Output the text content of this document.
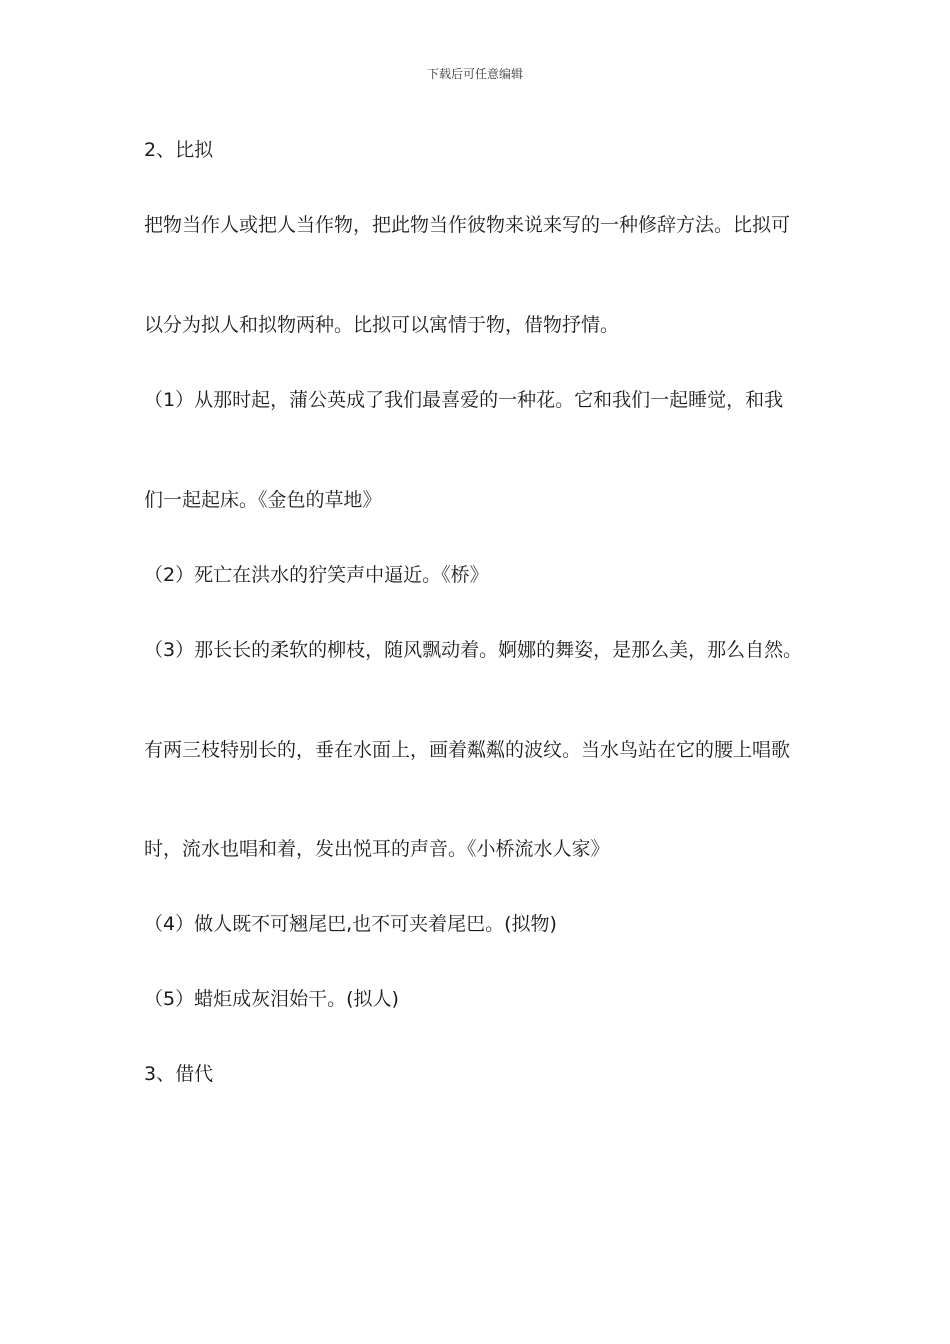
下载后可任意编辑
2、比拟
把物当作人或把人当作物，把此物当作彼物来说来写的一种修辞方法。比拟可
以分为拟人和拟物两种。比拟可以寓情于物，借物抒情。
（1）从那时起，蒲公英成了我们最喜爱的一种花。它和我们一起睡觉，和我
们一起起床。《金色的草地》
（2）死亡在洪水的狞笑声中逼近。《桥》
（3）那长长的柔软的柳枝，随风飘动着。婀娜的舞姿，是那么美，那么自然。
有两三枝特别长的，垂在水面上，画着粼粼的波纹。当水鸟站在它的腰上唱歌
时，流水也唱和着，发出悦耳的声音。《小桥流水人家》
（4）做人既不可翘尾巴,也不可夹着尾巴。(拟物)
（5）蜡炬成灰泪始干。(拟人)
3、借代
